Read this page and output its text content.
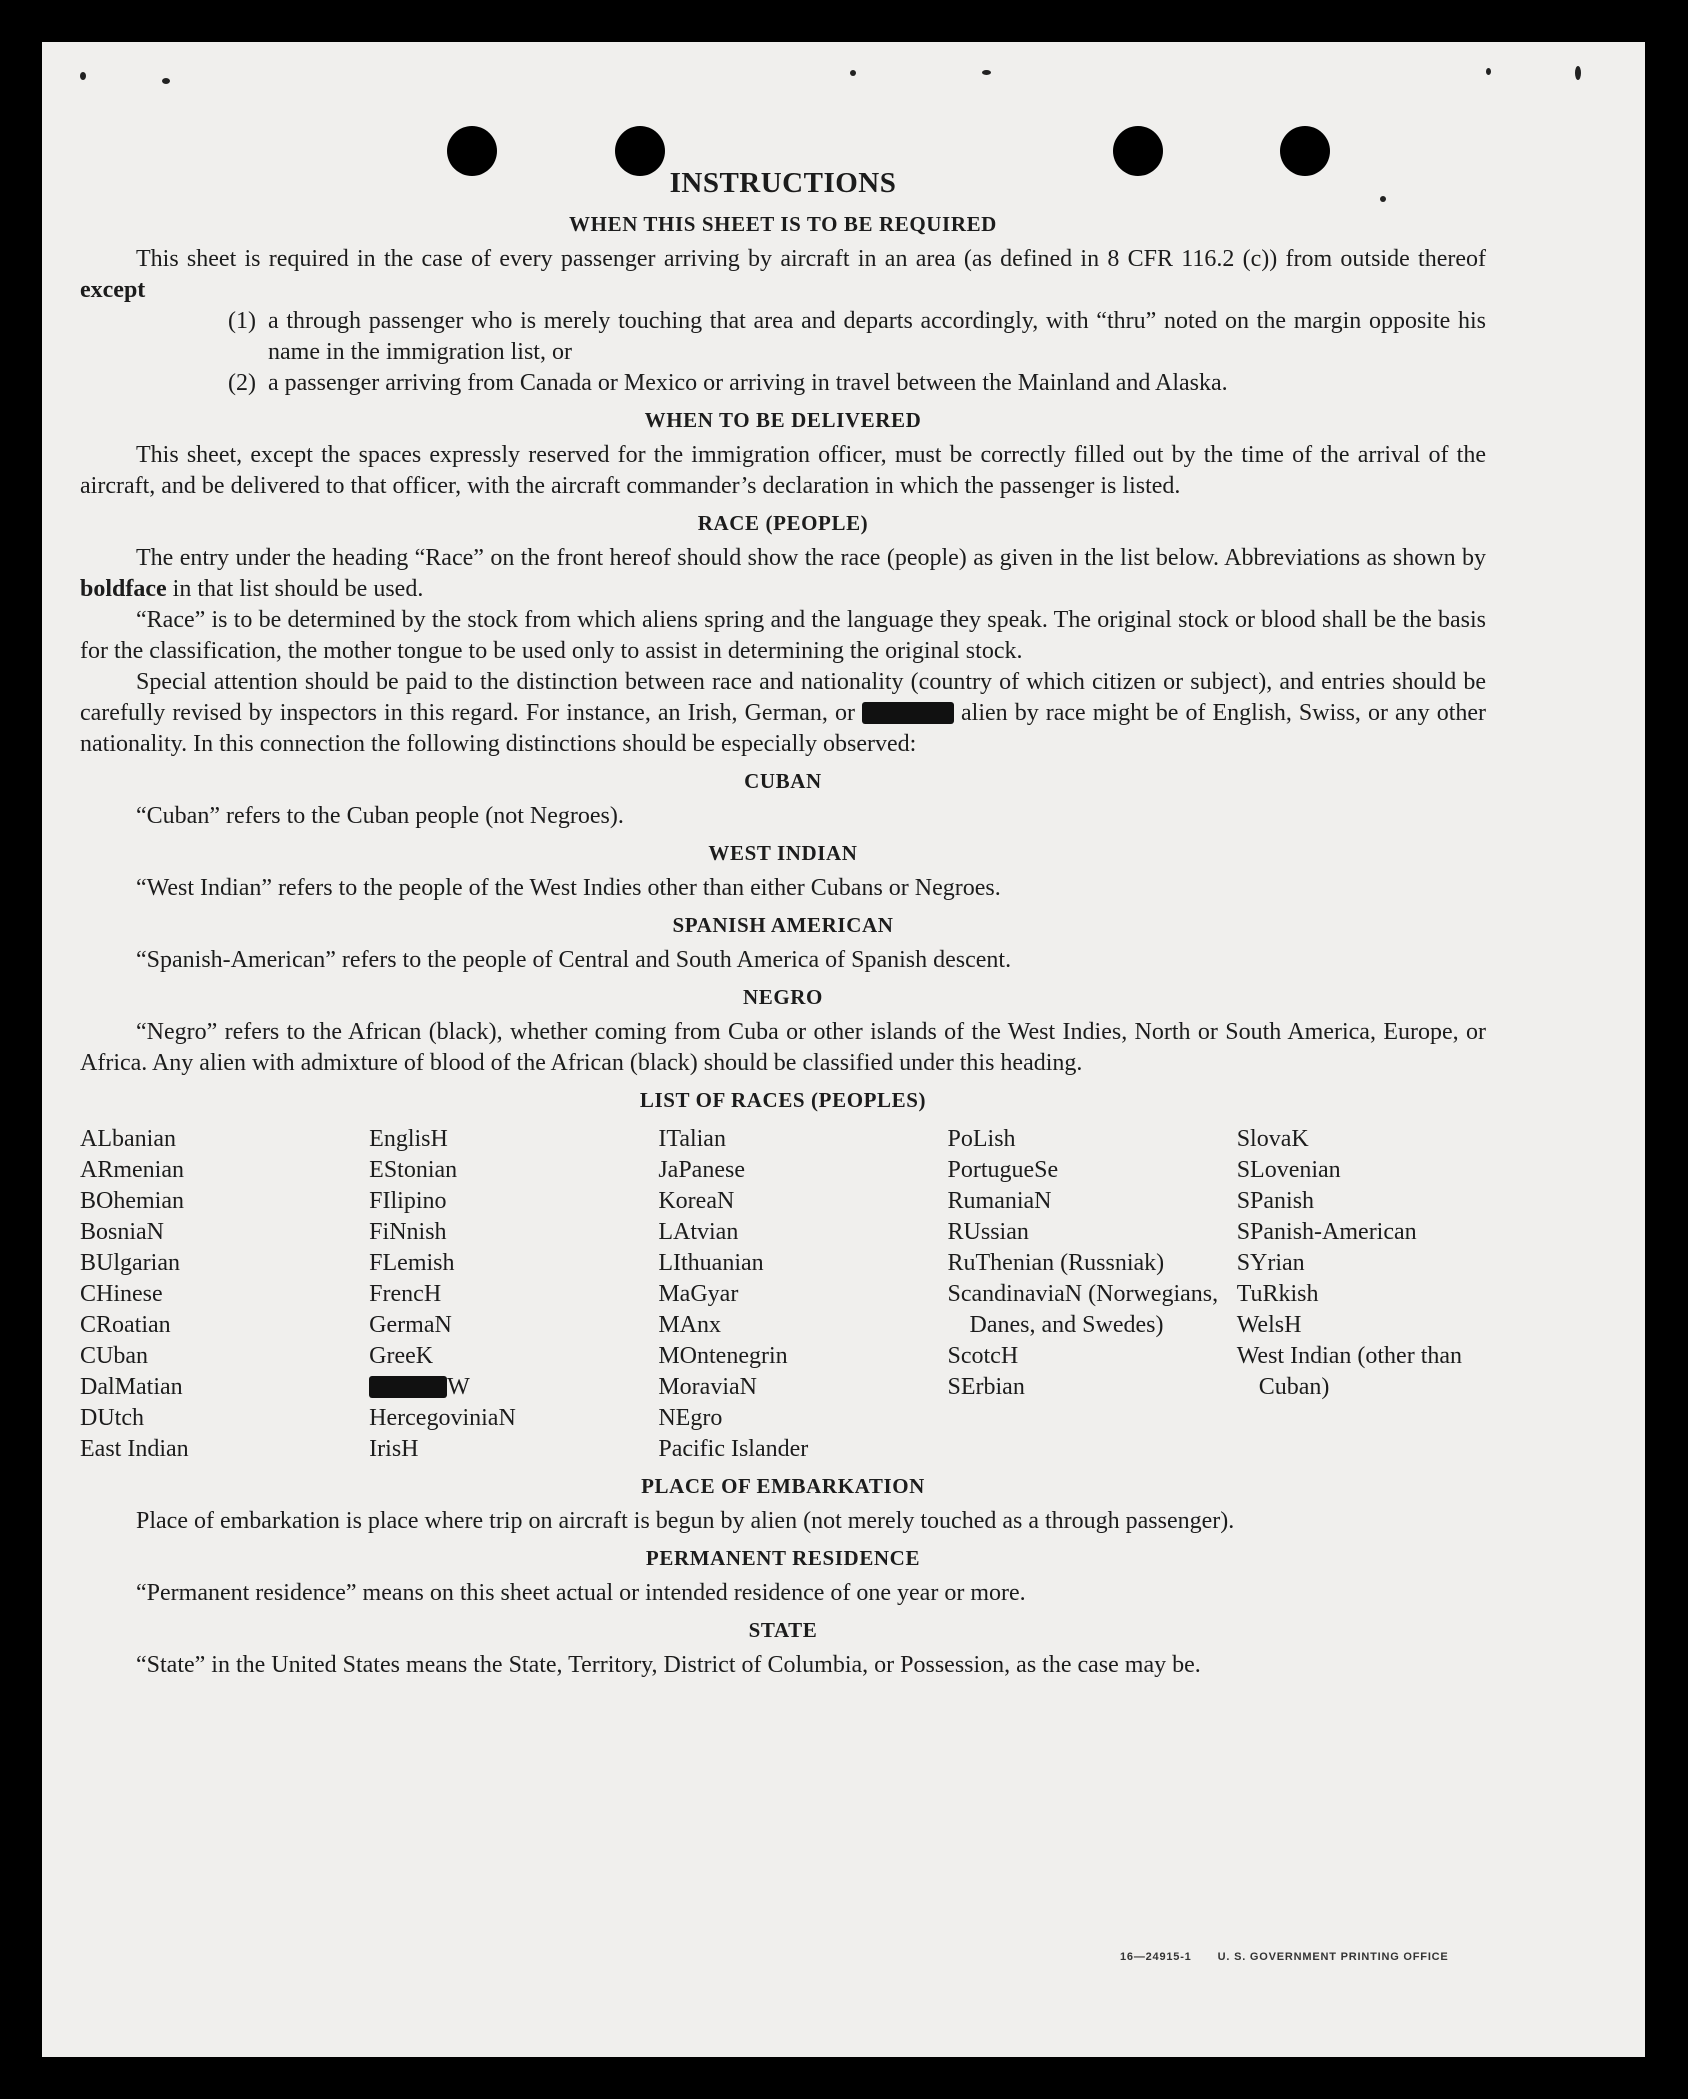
INSTRUCTIONS
WHEN THIS SHEET IS TO BE REQUIRED

This sheet is required in the case of every passenger arriving by aircraft in an area (as defined in 8 CFR 116.2 (c)) from outside thereof except

(1) a through passenger who is merely touching that area and departs accordingly, with “thru” noted on the margin opposite his name in the immigration list, or
(2) a passenger arriving from Canada or Mexico or arriving in travel between the Mainland and Alaska.
WHEN TO BE DELIVERED

This sheet, except the spaces expressly reserved for the immigration officer, must be correctly filled out by the time of the arrival of the aircraft, and be delivered to that officer, with the aircraft commander’s declaration in which the passenger is listed.

RACE (PEOPLE)

The entry under the heading “Race” on the front hereof should show the race (people) as given in the list below. Abbreviations as shown by boldface in that list should be used.

“Race” is to be determined by the stock from which aliens spring and the language they speak. The original stock or blood shall be the basis for the classification, the mother tongue to be used only to assist in determining the original stock.

Special attention should be paid to the distinction between race and nationality (country of which citizen or subject), and entries should be carefully revised by inspectors in this regard. For instance, an Irish, German, or	alien by race might be of English, Swiss, or any other nationality. In this connection the following distinctions should be especially observed:

CUBAN

“Cuban” refers to the Cuban people (not Negroes).

WEST INDIAN

“West Indian” refers to the people of the West Indies other than either Cubans or Negroes.

SPANISH AMERICAN

“Spanish-American” refers to the people of Central and South America of Spanish descent.

NEGRO

“Negro” refers to the African (black), whether coming from Cuba or other islands of the West Indies, North or South America, Europe, or Africa. Any alien with admixture of blood of the African (black) should be classified under this heading.

LIST OF RACES (PEOPLES)

ALbanian

ARmenian

BOhemian

BosniaN

BUlgarian

CHinese

CRoatian

CUban

DalMatian

DUtch

East Indian

EnglisH

EStonian

FIlipino

FiNnish

FLemish

FrencH

GermaN

GreeK

W

HercegoviniaN

IrisH

ITalian

JaPanese

KoreaN

LAtvian

LIthuanian

MaGyar

MAnx

MOntenegrin

MoraviaN

NEgro

Pacific Islander

PoLish

PortugueSe

RumaniaN

RUssian

RuThenian (Russniak)

ScandinaviaN (Norwegians, Danes, and Swedes)

ScotcH

SErbian

SlovaK

SLovenian

SPanish

SPanish-American

SYrian

TuRkish

WelsH

West Indian (other than Cuban)

PLACE OF EMBARKATION

Place of embarkation is place where trip on aircraft is begun by alien (not merely touched as a through passenger).

PERMANENT RESIDENCE

“Permanent residence” means on this sheet actual or intended residence of one year or more.

STATE

“State” in the United States means the State, Territory, District of Columbia, or Possession, as the case may be.

16—24915-1 U. S. GOVERNMENT PRINTING OFFICE
